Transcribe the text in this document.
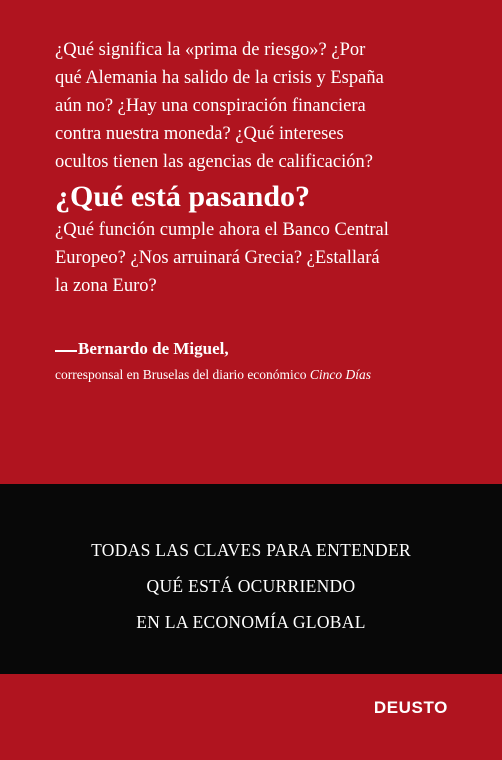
¿Qué significa la «prima de riesgo»? ¿Por

qué Alemania ha salido de la crisis y España

aún no? ¿Hay una conspiración financiera

contra nuestra moneda? ¿Qué intereses

ocultos tienen las agencias de calificación?

¿Qué está pasando?

¿Qué función cumple ahora el Banco Central

Europeo? ¿Nos arruinará Grecia? ¿Estallará

la zona Euro?

Bernardo de Miguel,
corresponsal en Bruselas del diario económico Cinco Días
TODAS LAS CLAVES PARA ENTENDER
QUÉ ESTÁ OCURRIENDO
EN LA ECONOMÍA GLOBAL
DEUSTO
